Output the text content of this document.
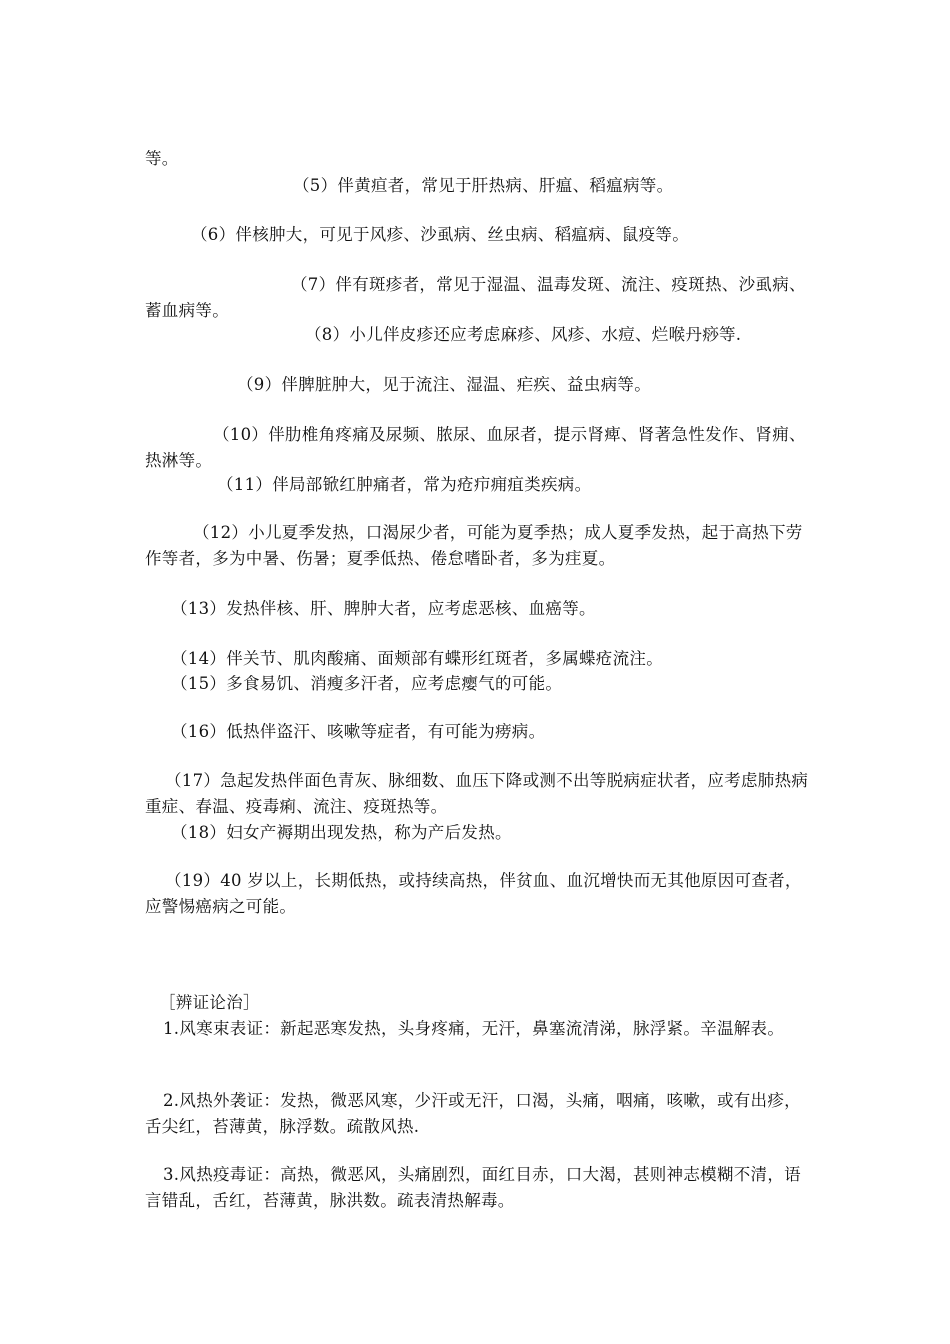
等。

（5）伴黄疸者，常见于肝热病、肝瘟、稻瘟病等。

（6）伴核肿大，可见于风疹、沙虱病、丝虫病、稻瘟病、鼠疫等。

（7）伴有斑疹者，常见于湿温、温毒发斑、流注、疫斑热、沙虱病、蓄血病等。

（8）小儿伴皮疹还应考虑麻疹、风疹、水痘、烂喉丹痧等.

（9）伴脾脏肿大，见于流注、湿温、疟疾、益虫病等。

（10）伴肋椎角疼痛及尿频、脓尿、血尿者，提示肾痺、肾著急性发作、肾痈、热淋等。

（11）伴局部锨红肿痛者，常为疮疖痈疽类疾病。

（12）小儿夏季发热，口渴尿少者，可能为夏季热；成人夏季发热，起于高热下劳作等者，多为中暑、伤暑；夏季低热、倦怠嗜卧者，多为疰夏。

（13）发热伴核、肝、脾肿大者，应考虑恶核、血癌等。

（14）伴关节、肌肉酸痛、面颊部有蝶形红斑者，多属蝶疮流注。

（15）多食易饥、消瘦多汗者，应考虑瘿气的可能。

（16）低热伴盗汗、咳嗽等症者，有可能为痨病。

（17）急起发热伴面色青灰、脉细数、血压下降或测不出等脱病症状者，应考虑肺热病重症、春温、疫毒痢、流注、疫斑热等。

（18）妇女产褥期出现发热，称为产后发热。

（19）40 岁以上，长期低热，或持续高热，伴贫血、血沉增快而无其他原因可查者，应警惕癌病之可能。

［辨证论治］

1.风寒束表证：新起恶寒发热，头身疼痛，无汗，鼻塞流清涕，脉浮紧。辛温解表。

2.风热外袭证：发热，微恶风寒，少汗或无汗，口渴，头痛，咽痛，咳嗽，或有出疹，舌尖红，苔薄黄，脉浮数。疏散风热.

3.风热疫毒证：高热，微恶风，头痛剧烈，面红目赤，口大渴，甚则神志模糊不清，语言错乱，舌红，苔薄黄，脉洪数。疏表清热解毒。
